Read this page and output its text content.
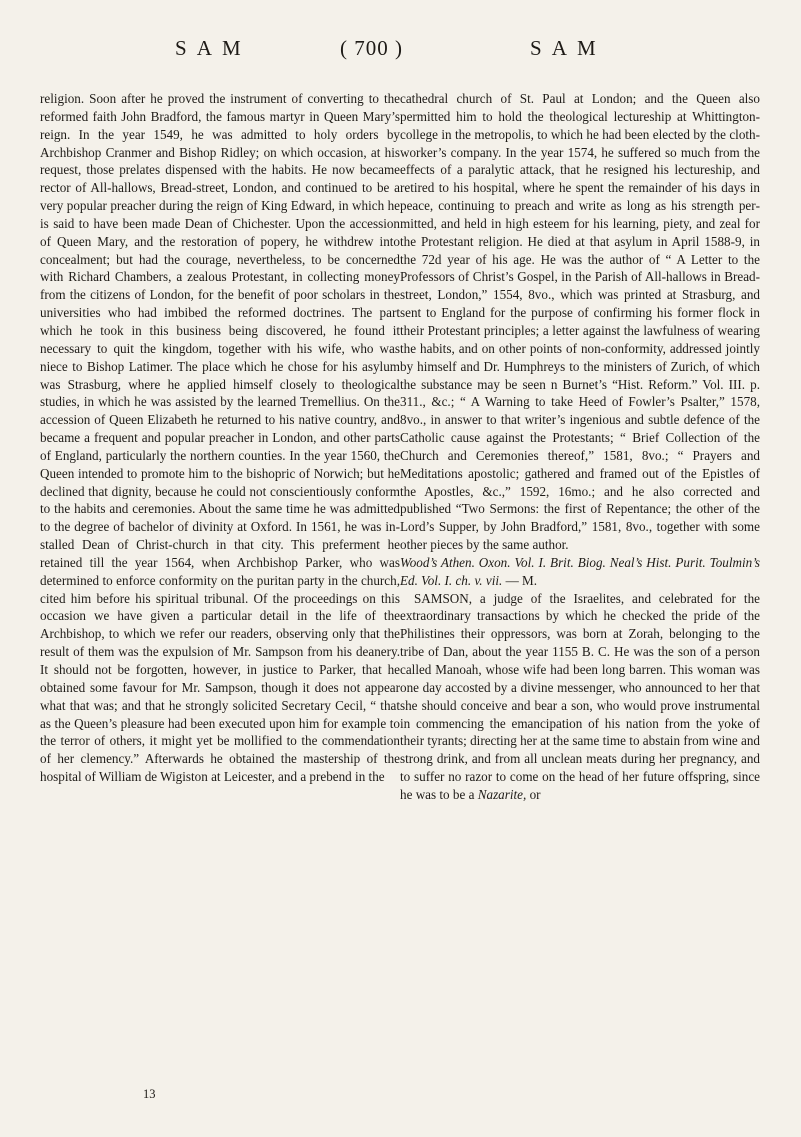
S A M	( 700 )	S A M

religion. Soon after he proved the instrument of converting to the reformed faith John Bradford, the famous martyr in Queen Mary’s reign. In the year 1549, he was admitted to holy orders by Archbishop Cranmer and Bishop Ridley; on which occasion, at his request, those prelates dispensed with the habits. He now became rector of All-hallows, Bread-street, London, and continued to be a very popular preacher during the reign of King Edward, in which he is said to have been made Dean of Chichester. Upon the accession of Queen Mary, and the restoration of popery, he withdrew into concealment; but had the courage, nevertheless, to be concerned with Richard Chambers, a zealous Protestant, in collecting money from the citizens of London, for the benefit of poor scholars in the universities who had imbibed the reformed doctrines. The part which he took in this business being discovered, he found it necessary to quit the kingdom, together with his wife, who was niece to Bishop Latimer. The place which he chose for his asylum was Strasburg, where he applied himself closely to theological studies, in which he was assisted by the learned Tremellius. On the accession of Queen Elizabeth he returned to his native country, and became a frequent and popular preacher in London, and other parts of England, particularly the northern counties. In the year 1560, the Queen intended to promote him to the bishopric of Norwich; but he declined that dignity, because he could not conscientiously conform to the habits and ceremonies. About the same time he was admitted to the degree of bachelor of divinity at Oxford. In 1561, he was installed Dean of Christ-church in that city. This preferment he retained till the year 1564, when Archbishop Parker, who was determined to enforce conformity on the puritan party in the church, cited him before his spiritual tribunal. Of the proceedings on this occasion we have given a particular detail in the life of the Archbishop, to which we refer our readers, observing only that the result of them was the expulsion of Mr. Sampson from his deanery. It should not be forgotten, however, in justice to Parker, that he obtained some favour for Mr. Sampson, though it does not appear what that was; and that he strongly solicited Secretary Cecil, “ that as the Queen’s pleasure had been executed upon him for example to the terror of others, it might yet be mollified to the commendation of her clemency.” Afterwards he obtained the mastership of the hospital of William de Wigiston at Leicester, and a prebend in the

cathedral church of St. Paul at London; and the Queen also permitted him to hold the theological lectureship at Whittington-college in the metropolis, to which he had been elected by the cloth-worker’s company. In the year 1574, he suffered so much from the effects of a paralytic attack, that he resigned his lectureship, and retired to his hospital, where he spent the remainder of his days in peace, continuing to preach and write as long as his strength permitted, and held in high esteem for his learning, piety, and zeal for the Protestant religion. He died at that asylum in April 1588-9, in the 72d year of his age. He was the author of “ A Letter to the Professors of Christ’s Gospel, in the Parish of All-hallows in Bread-street, London,” 1554, 8vo., which was printed at Strasburg, and sent to England for the purpose of confirming his former flock in their Protestant principles; a letter against the lawfulness of wearing the habits, and on other points of non-conformity, addressed jointly by himself and Dr. Humphreys to the ministers of Zurich, of which the substance may be seen n Burnet’s “Hist. Reform.” Vol. III. p. 311., &c.; “ A Warning to take Heed of Fowler’s Psalter,” 1578, 8vo., in answer to that writer’s ingenious and subtle defence of the Catholic cause against the Protestants; “ Brief Collection of the Church and Ceremonies thereof,” 1581, 8vo.; “ Prayers and Meditations apostolic; gathered and framed out of the Epistles of the Apostles, &c.,” 1592, 16mo.; and he also corrected and published “Two Sermons: the first of Repentance; the other of the Lord’s Supper, by John Bradford,” 1581, 8vo., together with some other pieces by the same author.

Wood’s Athen. Oxon. Vol. I. Brit. Biog. Neal’s Hist. Purit. Toulmin’s Ed. Vol. I. ch. v. vii. — M.

SAMSON, a judge of the Israelites, and celebrated for the extraordinary transactions by which he checked the pride of the Philistines their oppressors, was born at Zorah, belonging to the tribe of Dan, about the year 1155 B. C. He was the son of a person called Manoah, whose wife had been long barren. This woman was one day accosted by a divine messenger, who announced to her that she should conceive and bear a son, who would prove instrumental in commencing the emancipation of his nation from the yoke of their tyrants; directing her at the same time to abstain from wine and strong drink, and from all unclean meats during her pregnancy, and to suffer no razor to come on the head of her future offspring, since he was to be a Nazarite, or

13
